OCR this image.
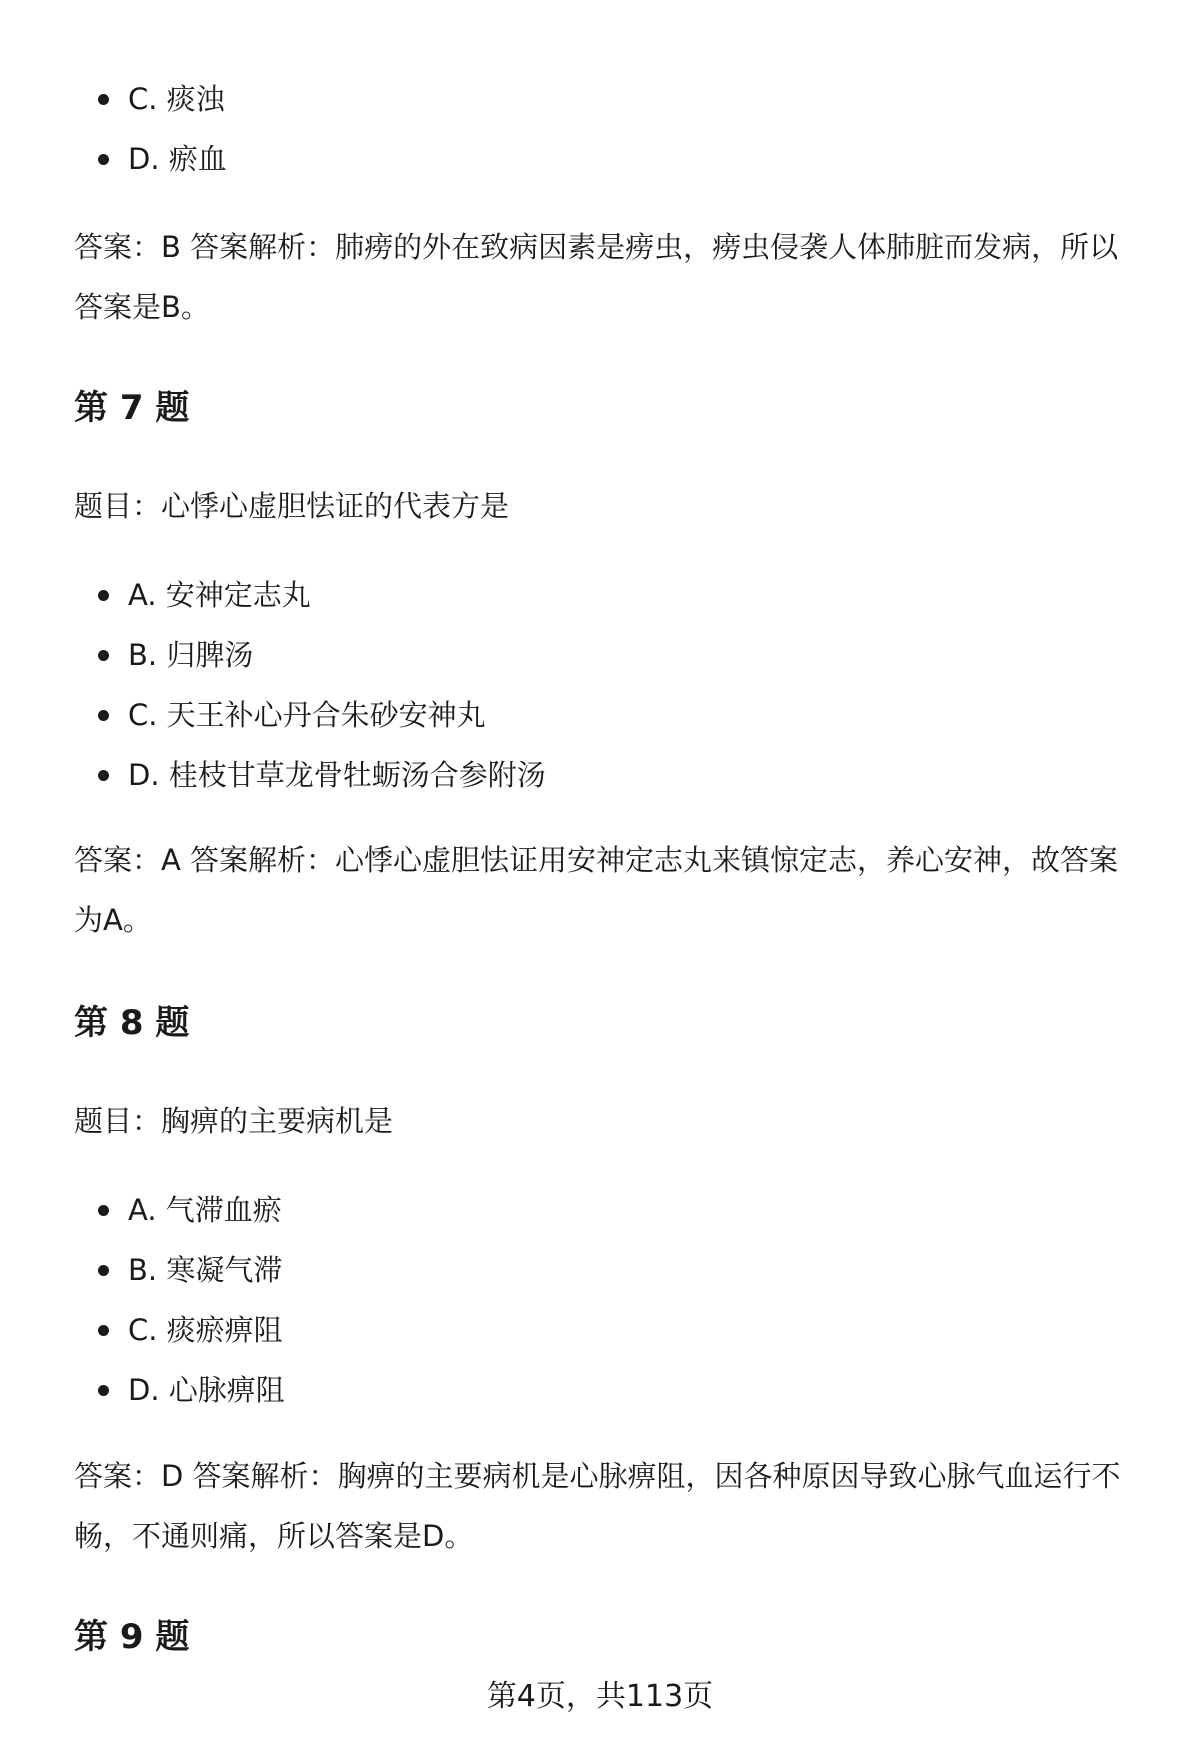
C. 痰浊
D. 瘀血

答案：B 答案解析：肺痨的外在致病因素是痨虫，痨虫侵袭人体肺脏而发病，所以

答案是B。

第 7 题

题目：心悸心虚胆怯证的代表方是

A. 安神定志丸
B. 归脾汤
C. 天王补心丹合朱砂安神丸
D. 桂枝甘草龙骨牡蛎汤合参附汤

答案：A 答案解析：心悸心虚胆怯证用安神定志丸来镇惊定志，养心安神，故答案

为A。

第 8 题

题目：胸痹的主要病机是

A. 气滞血瘀
B. 寒凝气滞
C. 痰瘀痹阻
D. 心脉痹阻

答案：D 答案解析：胸痹的主要病机是心脉痹阻，因各种原因导致心脉气血运行不

畅，不通则痛，所以答案是D。

第 9 题
第4页，共113页
